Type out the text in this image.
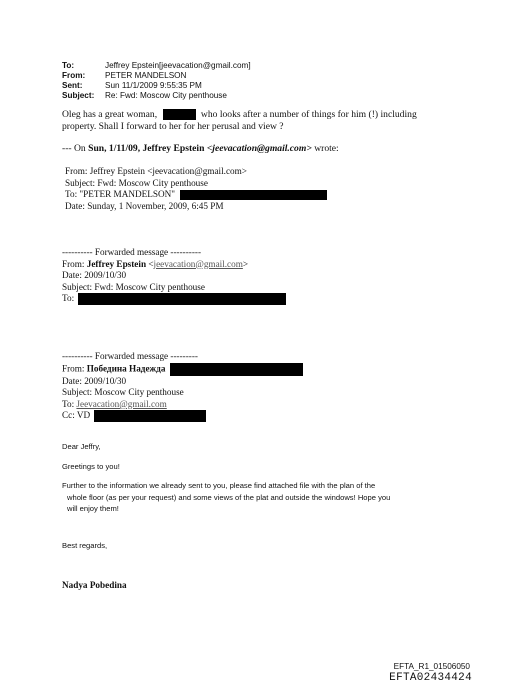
To:	Jeffrey Epstein[jeevacation@gmail.com]
From:	PETER MANDELSON
Sent:	Sun 11/1/2009 9:55:35 PM
Subject:	Re: Fwd: Moscow City penthouse
Oleg has a great woman,	who looks after a number of things for him (!) including
property. Shall I forward to her for her perusal and view ?
--- On Sun, 1/11/09, Jeffrey Epstein <jeevacation@gmail.com> wrote:
From: Jeffrey Epstein <jeevacation@gmail.com>
Subject: Fwd: Moscow City penthouse
To: "PETER MANDELSON"
Date: Sunday, 1 November, 2009, 6:45 PM
---------- Forwarded message ----------
From: Jeffrey Epstein <jeevacation@gmail.com>
Date: 2009/10/30
Subject: Fwd: Moscow City penthouse
To:
---------- Forwarded message ---------
From: Победина Надежда
Date: 2009/10/30
Subject: Moscow City penthouse
To: Jeevacation@gmail.com
Cc: VD
Dear Jeffry,
Greetings to you!
Further to the information we already sent to you, please find attached file with the plan of the
whole floor (as per your request) and some views of the plat and outside the windows! Hope you
will enjoy them!
Best regards,
Nadya Pobedina
EFTA_R1_01506050
EFTA02434424
